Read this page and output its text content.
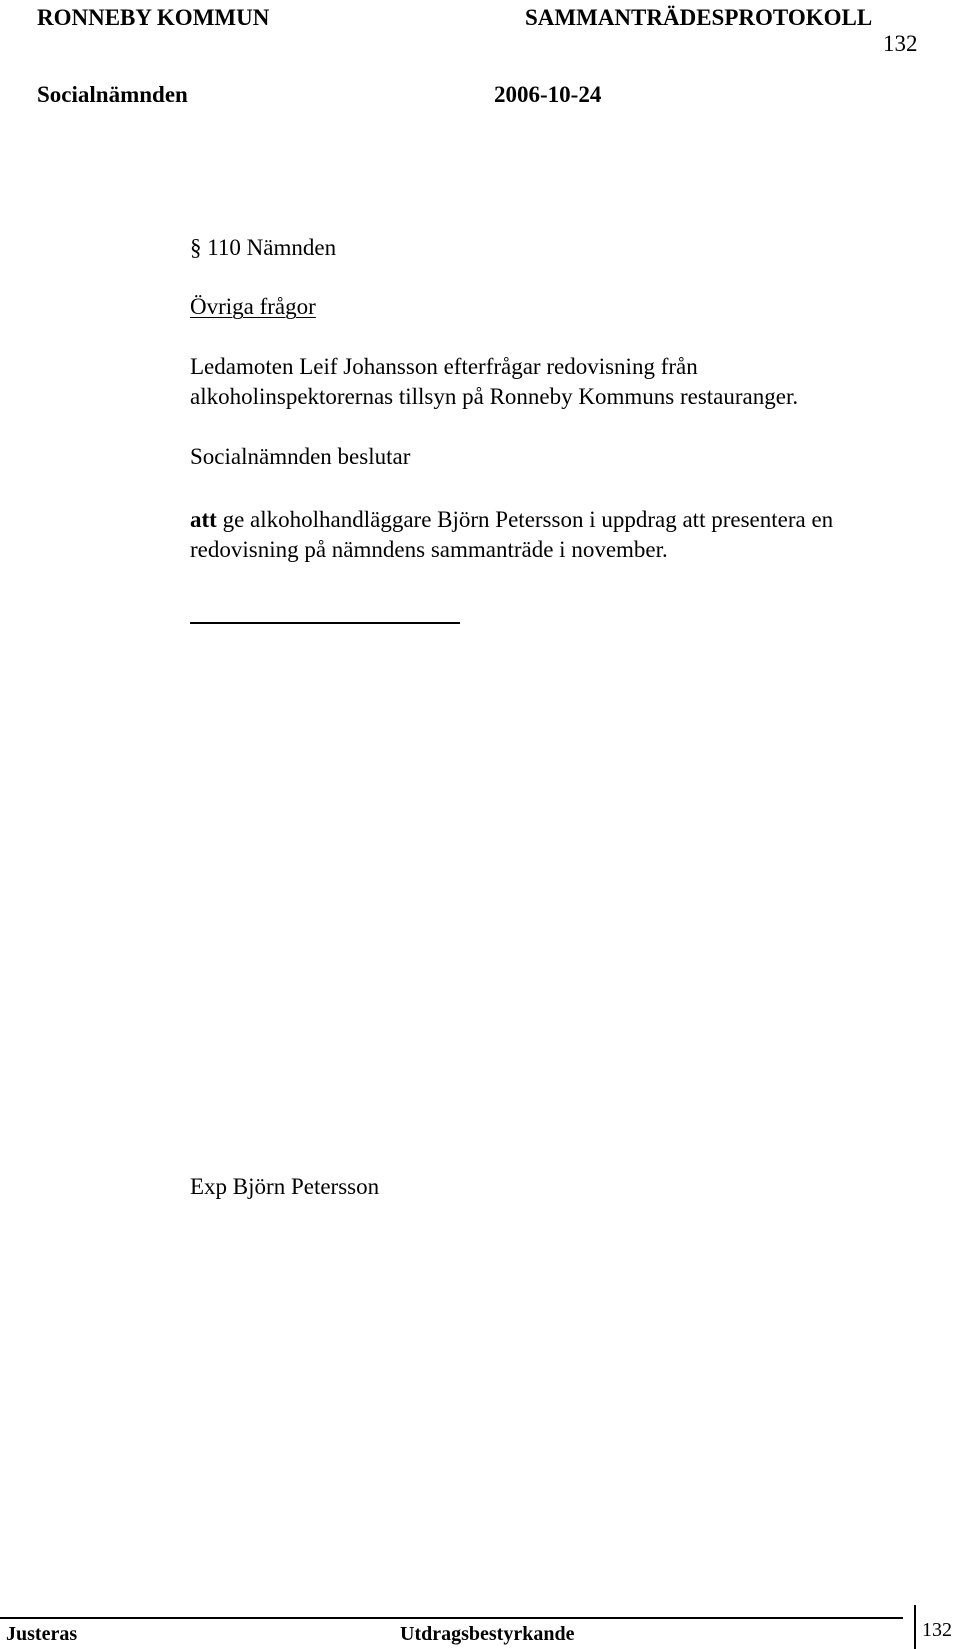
RONNEBY KOMMUN	SAMMANTRÄDESPROTOKOLL
132
Socialnämnden	2006-10-24
§ 110 Nämnden
Övriga frågor
Ledamoten Leif Johansson efterfrågar redovisning från
alkoholinspektorernas tillsyn på Ronneby Kommuns restauranger.
Socialnämnden beslutar
att ge alkoholhandläggare Björn Petersson i uppdrag att presentera en
redovisning på nämndens sammanträde i november.
Exp Björn Petersson
Justeras	Utdragsbestyrkande	132
